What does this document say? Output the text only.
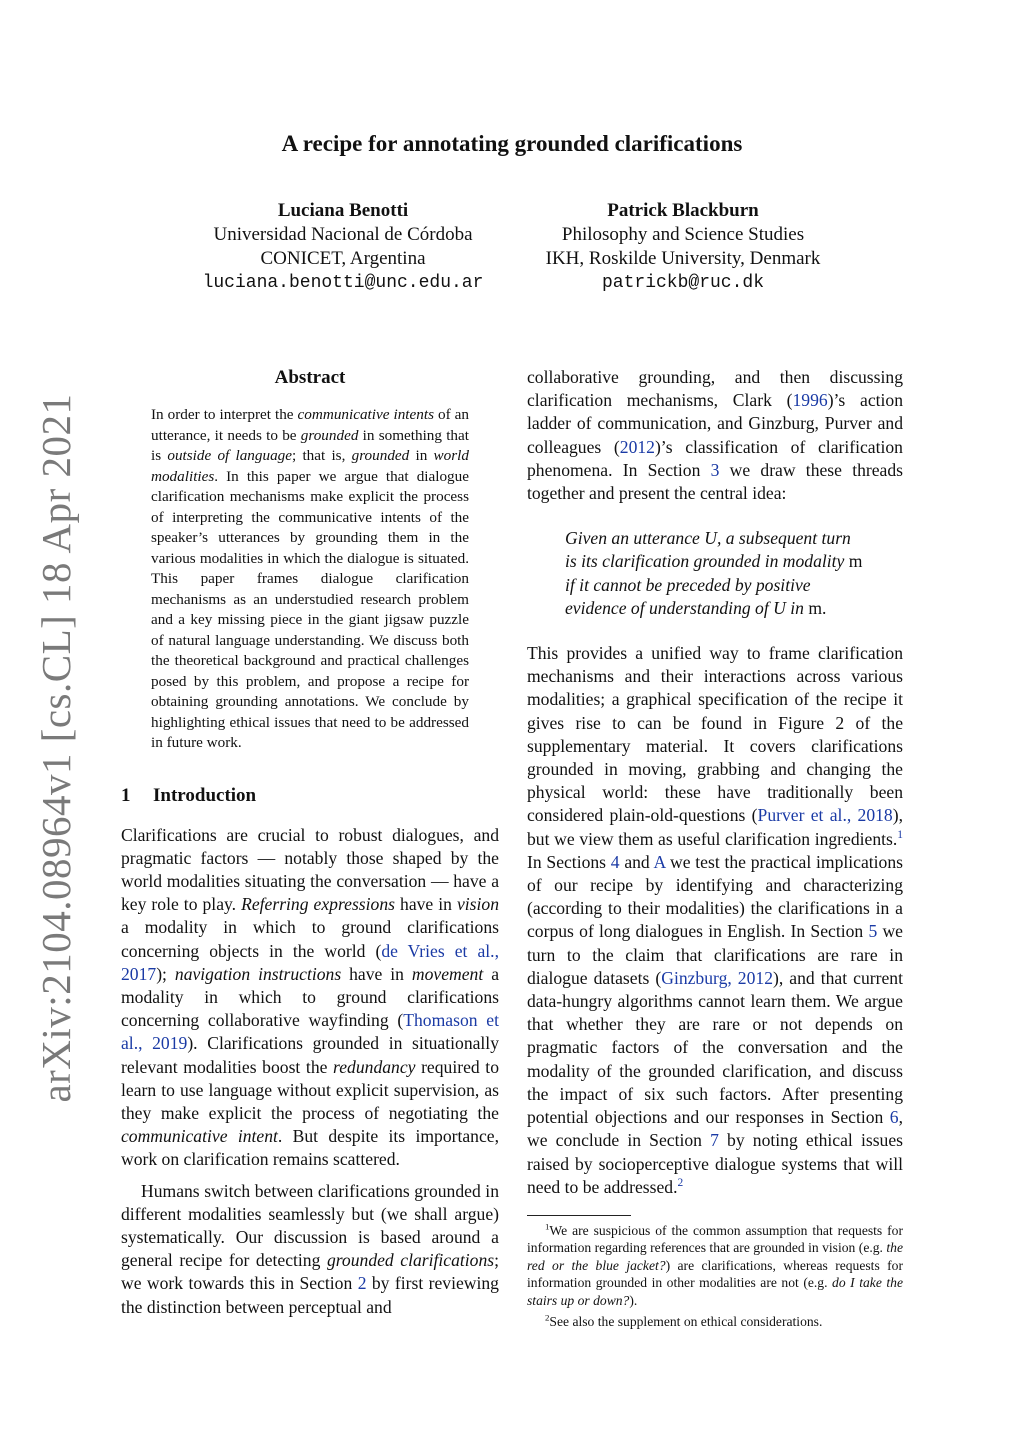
arXiv:2104.08964v1 [cs.CL] 18 Apr 2021
A recipe for annotating grounded clarifications
Luciana Benotti
Universidad Nacional de Córdoba
CONICET, Argentina
luciana.benotti@unc.edu.ar
Patrick Blackburn
Philosophy and Science Studies
IKH, Roskilde University, Denmark
patrickb@ruc.dk
Abstract

In order to interpret the communicative intents of an utterance, it needs to be grounded in something that is outside of language; that is, grounded in world modalities. In this paper we argue that dialogue clarification mechanisms make explicit the process of interpreting the communicative intents of the speaker’s utterances by grounding them in the various modalities in which the dialogue is situated. This paper frames dialogue clarification mechanisms as an understudied research problem and a key missing piece in the giant jigsaw puzzle of natural language understanding. We discuss both the theoretical background and practical challenges posed by this problem, and propose a recipe for obtaining grounding annotations. We conclude by highlighting ethical issues that need to be addressed in future work.

1 Introduction

Clarifications are crucial to robust dialogues, and pragmatic factors — notably those shaped by the world modalities situating the conversation — have a key role to play. Referring expressions have in vision a modality in which to ground clarifications concerning objects in the world (de Vries et al., 2017); navigation instructions have in movement a modality in which to ground clarifications concerning collaborative wayfinding (Thomason et al., 2019). Clarifications grounded in situationally relevant modalities boost the redundancy required to learn to use language without explicit supervision, as they make explicit the process of negotiating the communicative intent. But despite its importance, work on clarification remains scattered.

Humans switch between clarifications grounded in different modalities seamlessly but (we shall argue) systematically. Our discussion is based around a general recipe for detecting grounded clarifications; we work towards this in Section 2 by first reviewing the distinction between perceptual and

collaborative grounding, and then discussing clarification mechanisms, Clark (1996)’s action ladder of communication, and Ginzburg, Purver and colleagues (2012)’s classification of clarification phenomena. In Section 3 we draw these threads together and present the central idea:

Given an utterance U, a subsequent turn is its clarification grounded in modality m if it cannot be preceded by positive evidence of understanding of U in m.

This provides a unified way to frame clarification mechanisms and their interactions across various modalities; a graphical specification of the recipe it gives rise to can be found in Figure 2 of the supplementary material. It covers clarifications grounded in moving, grabbing and changing the physical world: these have traditionally been considered plain-old-questions (Purver et al., 2018), but we view them as useful clarification ingredients.$^1$ In Sections 4 and A we test the practical implications of our recipe by identifying and characterizing (according to their modalities) the clarifications in a corpus of long dialogues in English. In Section 5 we turn to the claim that clarifications are rare in dialogue datasets (Ginzburg, 2012), and that current data-hungry algorithms cannot learn them. We argue that whether they are rare or not depends on pragmatic factors of the conversation and the modality of the grounded clarification, and discuss the impact of six such factors. After presenting potential objections and our responses in Section 6, we conclude in Section 7 by noting ethical issues raised by socioperceptive dialogue systems that will need to be addressed.$^2$

$^1$We are suspicious of the common assumption that requests for information regarding references that are grounded in vision (e.g. the red or the blue jacket?) are clarifications, whereas requests for information grounded in other modalities are not (e.g. do I take the stairs up or down?).

$^2$See also the supplement on ethical considerations.
